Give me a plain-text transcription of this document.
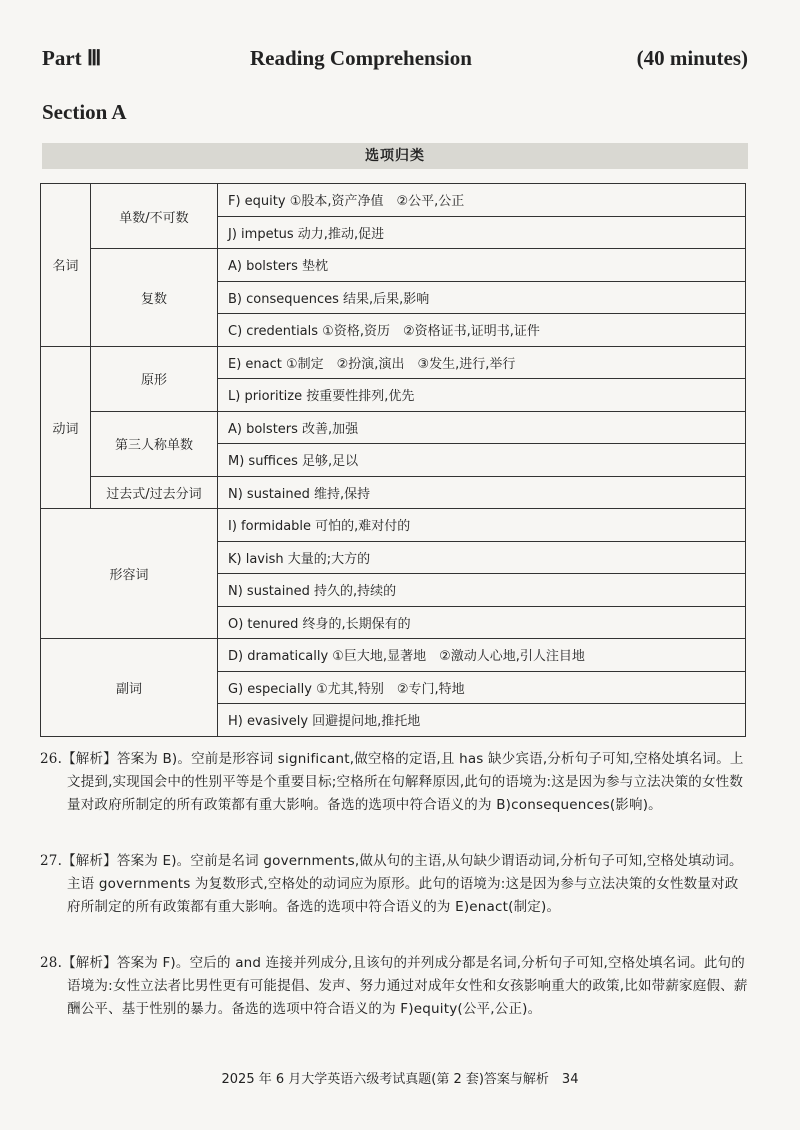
Part Ⅲ	Reading Comprehension	(40 minutes)
Section A
选项归类
名词	单数/不可数	F) equity ①股本,资产净值　②公平,公正
		J) impetus 动力,推动,促进
	复数	A) bolsters 垫枕
		B) consequences 结果,后果,影响
		C) credentials ①资格,资历　②资格证书,证明书,证件
动词	原形	E) enact ①制定　②扮演,演出　③发生,进行,举行
		L) prioritize 按重要性排列,优先
	第三人称单数	A) bolsters 改善,加强
		M) suffices 足够,足以
	过去式/过去分词	N) sustained 维持,保持
形容词		I) formidable 可怕的,难对付的
		K) lavish 大量的;大方的
		N) sustained 持久的,持续的
		O) tenured 终身的,长期保有的
副词		D) dramatically ①巨大地,显著地　②激动人心地,引人注目地
		G) especially ①尤其,特别　②专门,特地
		H) evasively 回避提问地,推托地
26.【解析】答案为 B)。空前是形容词 significant,做空格的定语,且 has 缺少宾语,分析句子可知,空格处填名词。上文提到,实现国会中的性别平等是个重要目标;空格所在句解释原因,此句的语境为:这是因为参与立法决策的女性数量对政府所制定的所有政策都有重大影响。备选的选项中符合语义的为 B)consequences(影响)。
27.【解析】答案为 E)。空前是名词 governments,做从句的主语,从句缺少谓语动词,分析句子可知,空格处填动词。主语 governments 为复数形式,空格处的动词应为原形。此句的语境为:这是因为参与立法决策的女性数量对政府所制定的所有政策都有重大影响。备选的选项中符合语义的为 E)enact(制定)。
28.【解析】答案为 F)。空后的 and 连接并列成分,且该句的并列成分都是名词,分析句子可知,空格处填名词。此句的语境为:女性立法者比男性更有可能提倡、发声、努力通过对成年女性和女孩影响重大的政策,比如带薪家庭假、薪酬公平、基于性别的暴力。备选的选项中符合语义的为 F)equity(公平,公正)。
2025 年 6 月大学英语六级考试真题(第 2 套)答案与解析　34
